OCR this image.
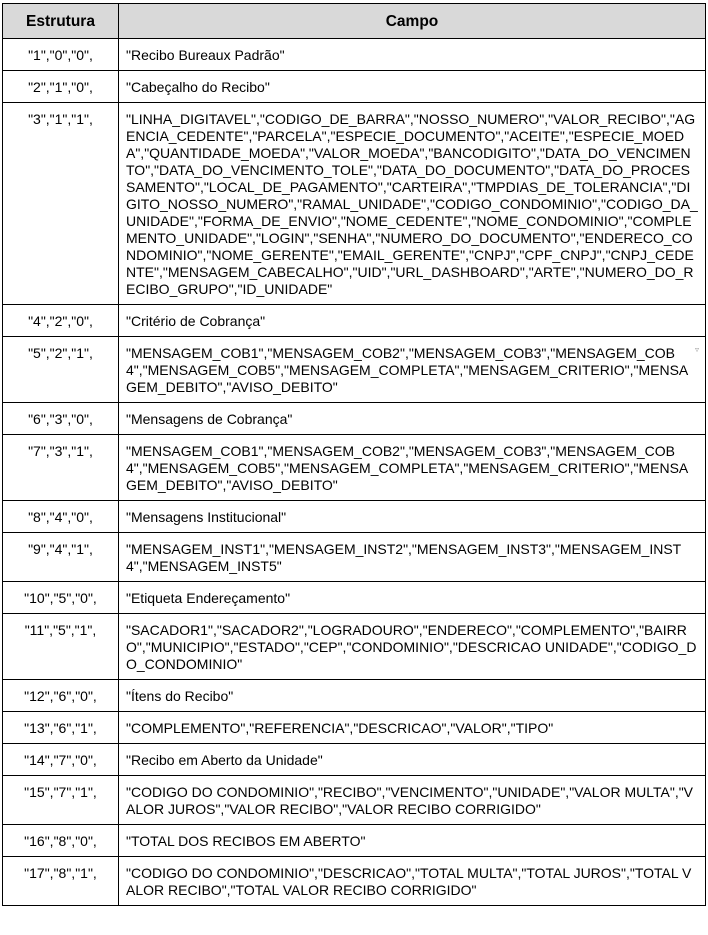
Estrutura	Campo
"1","0","0",	"Recibo Bureaux Padrão"
"2","1","0",	"Cabeçalho do Recibo"
"3","1","1",	"LINHA_DIGITAVEL","CODIGO_DE_BARRA","NOSSO_NUMERO","VALOR_RECIBO","AGENCIA_CEDENTE","PARCELA","ESPECIE_DOCUMENTO","ACEITE","ESPECIE_MOEDA","QUANTIDADE_MOEDA","VALOR_MOEDA","BANCODIGITO","DATA_DO_VENCIMENTO","DATA_DO_VENCIMENTO_TOLE","DATA_DO_DOCUMENTO","DATA_DO_PROCESSAMENTO","LOCAL_DE_PAGAMENTO","CARTEIRA","TMPDIAS_DE_TOLERANCIA","DIGITO_NOSSO_NUMERO","RAMAL_UNIDADE","CODIGO_CONDOMINIO","CODIGO_DA_UNIDADE","FORMA_DE_ENVIO","NOME_CEDENTE","NOME_CONDOMINIO","COMPLEMENTO_UNIDADE","LOGIN","SENHA","NUMERO_DO_DOCUMENTO","ENDERECO_CONDOMINIO","NOME_GERENTE","EMAIL_GERENTE","CNPJ","CPF_CNPJ","CNPJ_CEDENTE","MENSAGEM_CABECALHO","UID","URL_DASHBOARD","ARTE","NUMERO_DO_RECIBO_GRUPO","ID_UNIDADE"
"4","2","0",	"Critério de Cobrança"
"5","2","1",	"MENSAGEM_COB1","MENSAGEM_COB2","MENSAGEM_COB3","MENSAGEM_COB4","MENSAGEM_COB5","MENSAGEM_COMPLETA","MENSAGEM_CRITERIO","MENSAGEM_DEBITO","AVISO_DEBITO"
▿

"6","3","0",	"Mensagens de Cobrança"
"7","3","1",	"MENSAGEM_COB1","MENSAGEM_COB2","MENSAGEM_COB3","MENSAGEM_COB4","MENSAGEM_COB5","MENSAGEM_COMPLETA","MENSAGEM_CRITERIO","MENSAGEM_DEBITO","AVISO_DEBITO"
"8","4","0",	"Mensagens Institucional"
"9","4","1",	"MENSAGEM_INST1","MENSAGEM_INST2","MENSAGEM_INST3","MENSAGEM_INST4","MENSAGEM_INST5"
"10","5","0",	"Etiqueta Endereçamento"
"11","5","1",	"SACADOR1","SACADOR2","LOGRADOURO","ENDERECO","COMPLEMENTO","BAIRRO","MUNICIPIO","ESTADO","CEP","CONDOMINIO","DESCRICAO UNIDADE","CODIGO_DO_CONDOMINIO"
"12","6","0",	"Ítens do Recibo"
"13","6","1",	"COMPLEMENTO","REFERENCIA","DESCRICAO","VALOR","TIPO"
"14","7","0",	"Recibo em Aberto da Unidade"
"15","7","1",	"CODIGO DO CONDOMINIO","RECIBO","VENCIMENTO","UNIDADE","VALOR MULTA","VALOR JUROS","VALOR RECIBO","VALOR RECIBO CORRIGIDO"
"16","8","0",	"TOTAL DOS RECIBOS EM ABERTO"
"17","8","1",	"CODIGO DO CONDOMINIO","DESCRICAO","TOTAL MULTA","TOTAL JUROS","TOTAL VALOR RECIBO","TOTAL VALOR RECIBO CORRIGIDO"
